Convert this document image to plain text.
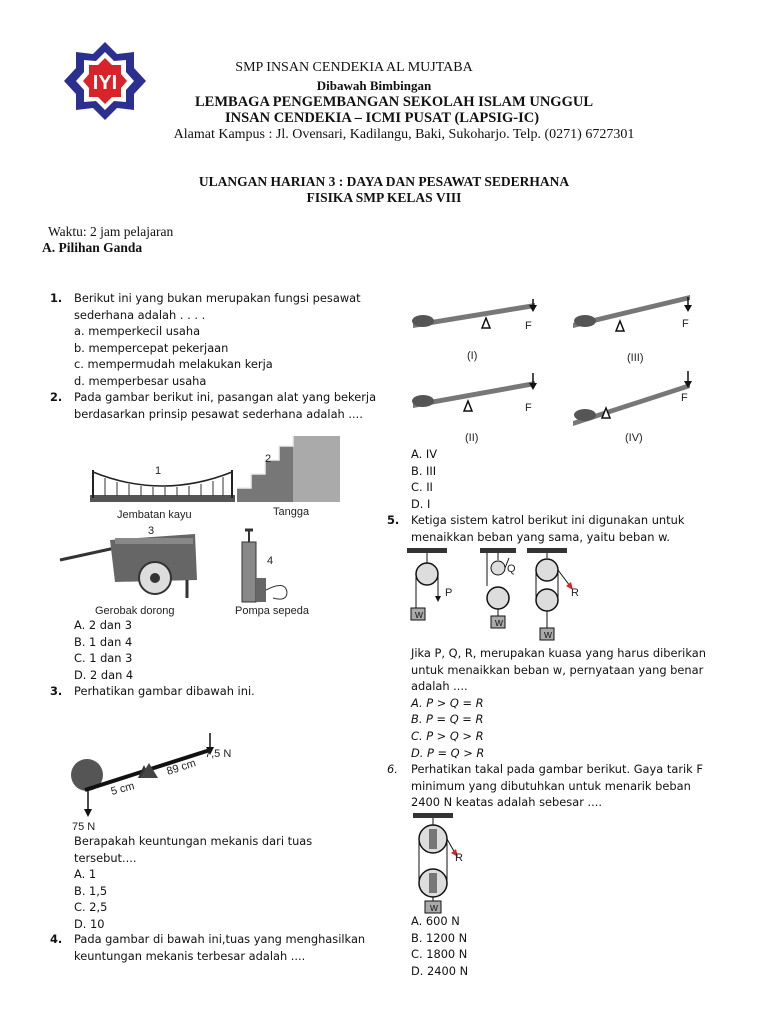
IYI
SMP INSAN CENDEKIA AL MUJTABA
Dibawah Bimbingan
LEMBAGA PENGEMBANGAN SEKOLAH ISLAM UNGGUL
INSAN CENDEKIA – ICMI PUSAT (LAPSIG-IC)
Alamat Kampus : Jl. Ovensari, Kadilangu, Baki, Sukoharjo. Telp. (0271) 6727301
ULANGAN HARIAN 3 : DAYA DAN PESAWAT SEDERHANA
FISIKA SMP KELAS VIII
Waktu: 2 jam pelajaran
A. Pilihan Ganda
1. Berikut ini yang bukan merupakan fungsi pesawat
sederhana adalah . . . .
a. memperkecil usaha
b. mempercepat pekerjaan
c. mempermudah melakukan kerja
d. memperbesar usaha
2. Pada gambar berikut ini, pasangan alat yang bekerja
berdasarkan prinsip pesawat sederhana adalah ....
1
Jembatan kayu
2
Tangga
3
Gerobak dorong
4
Pompa sepeda
A. 2 dan 3
B. 1 dan 4
C. 1 dan 3
D. 2 dan 4
3. Perhatikan gambar dibawah ini.
89 cm
5 cm
7,5 N
75 N
Berapakah keuntungan mekanis dari tuas
tersebut....
A. 1
B. 1,5
C. 2,5
D. 10
4. Pada gambar di bawah ini,tuas yang menghasilkan
keuntungan mekanis terbesar adalah ....
F
(I)
F
(III)
F
(II)
F
(IV)
A. IV
B. III
C. II
D. I
5. Ketiga sistem katrol berikut ini digunakan untuk
menaikkan beban yang sama, yaitu beban w.
P
Q
R
w
w
w
Jika P, Q, R, merupakan kuasa yang harus diberikan
untuk menaikkan beban w, pernyataan yang benar
adalah ....
A. P > Q = R
B. P = Q = R
C. P > Q > R
D. P = Q > R
6. Perhatikan takal pada gambar berikut. Gaya tarik F
minimum yang dibutuhkan untuk menarik beban
2400 N keatas adalah sebesar ....
R
w
A. 600 N
B. 1200 N
C. 1800 N
D. 2400 N
